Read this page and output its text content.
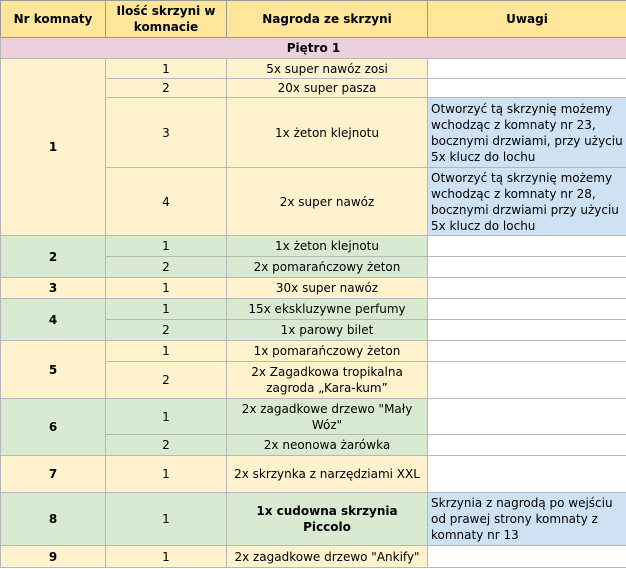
Nr komnaty	Ilość skrzyni w komnacie	Nagroda ze skrzyni	Uwagi
Piętro 1			
1	1	5x super nawóz zosi	
	2	20x super pasza	
	3	1x żeton klejnotu	Otworzyć tą skrzynię możemy wchodząc z komnaty nr 23, bocznymi drzwiami, przy użyciu 5x klucz do lochu
	4	2x super nawóz	Otworzyć tą skrzynię możemy wchodząc z komnaty nr 28, bocznymi drzwiami przy użyciu 5x klucz do lochu
2	1	1x żeton klejnotu	
	2	2x pomarańczowy żeton	
3	1	30x super nawóz	
4	1	15x ekskluzywne perfumy	
	2	1x parowy bilet	
5	1	1x pomarańczowy żeton	
	2	2x Zagadkowa tropikalna zagroda „Kara-kum”	
6	1	2x zagadkowe drzewo "Mały Wóz"	
	2	2x neonowa żarówka	
7	1	2x skrzynka z narzędziami XXL	
8	1	1x cudowna skrzynia Piccolo	Skrzynia z nagrodą po wejściu od prawej strony komnaty z komnaty nr 13
9	1	2x zagadkowe drzewo "Ankify"	
